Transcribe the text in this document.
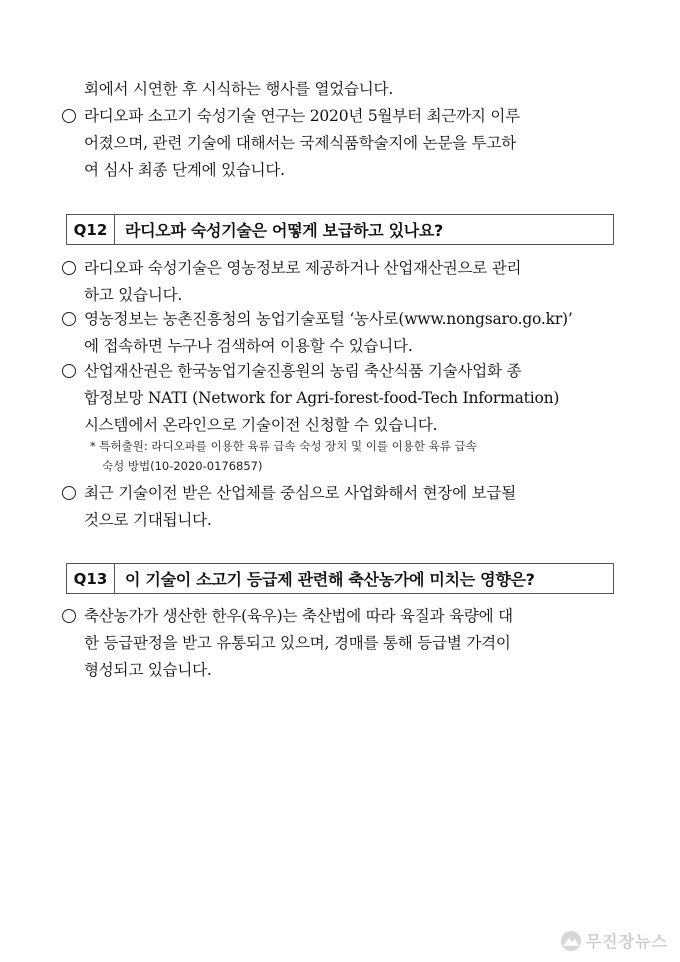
회에서 시연한 후 시식하는 행사를 열었습니다.
라디오파 소고기 숙성기술 연구는 2020년 5월부터 최근까지 이루
어졌으며, 관련 기술에 대해서는 국제식품학술지에 논문을 투고하
여 심사 최종 단계에 있습니다.
Q12	라디오파 숙성기술은 어떻게 보급하고 있나요?
라디오파 숙성기술은 영농정보로 제공하거나 산업재산권으로 관리
하고 있습니다.
영농정보는 농촌진흥청의 농업기술포털 ‘농사로(www.nongsaro.go.kr)’
에 접속하면 누구나 검색하여 이용할 수 있습니다.
산업재산권은 한국농업기술진흥원의 농림 축산식품 기술사업화 종
합정보망 NATI (Network for Agri-forest-food-Tech Information)
시스템에서 온라인으로 기술이전 신청할 수 있습니다.
* 특허출원: 라디오파를 이용한 육류 급속 숙성 장치 및 이를 이용한 육류 급속
숙성 방법(10-2020-0176857)
최근 기술이전 받은 산업체를 중심으로 사업화해서 현장에 보급될
것으로 기대됩니다.
Q13	이 기술이 소고기 등급제 관련해 축산농가에 미치는 영향은?
축산농가가 생산한 한우(육우)는 축산법에 따라 육질과 육량에 대
한 등급판정을 받고 유통되고 있으며, 경매를 통해 등급별 가격이
형성되고 있습니다.
무진장뉴스
